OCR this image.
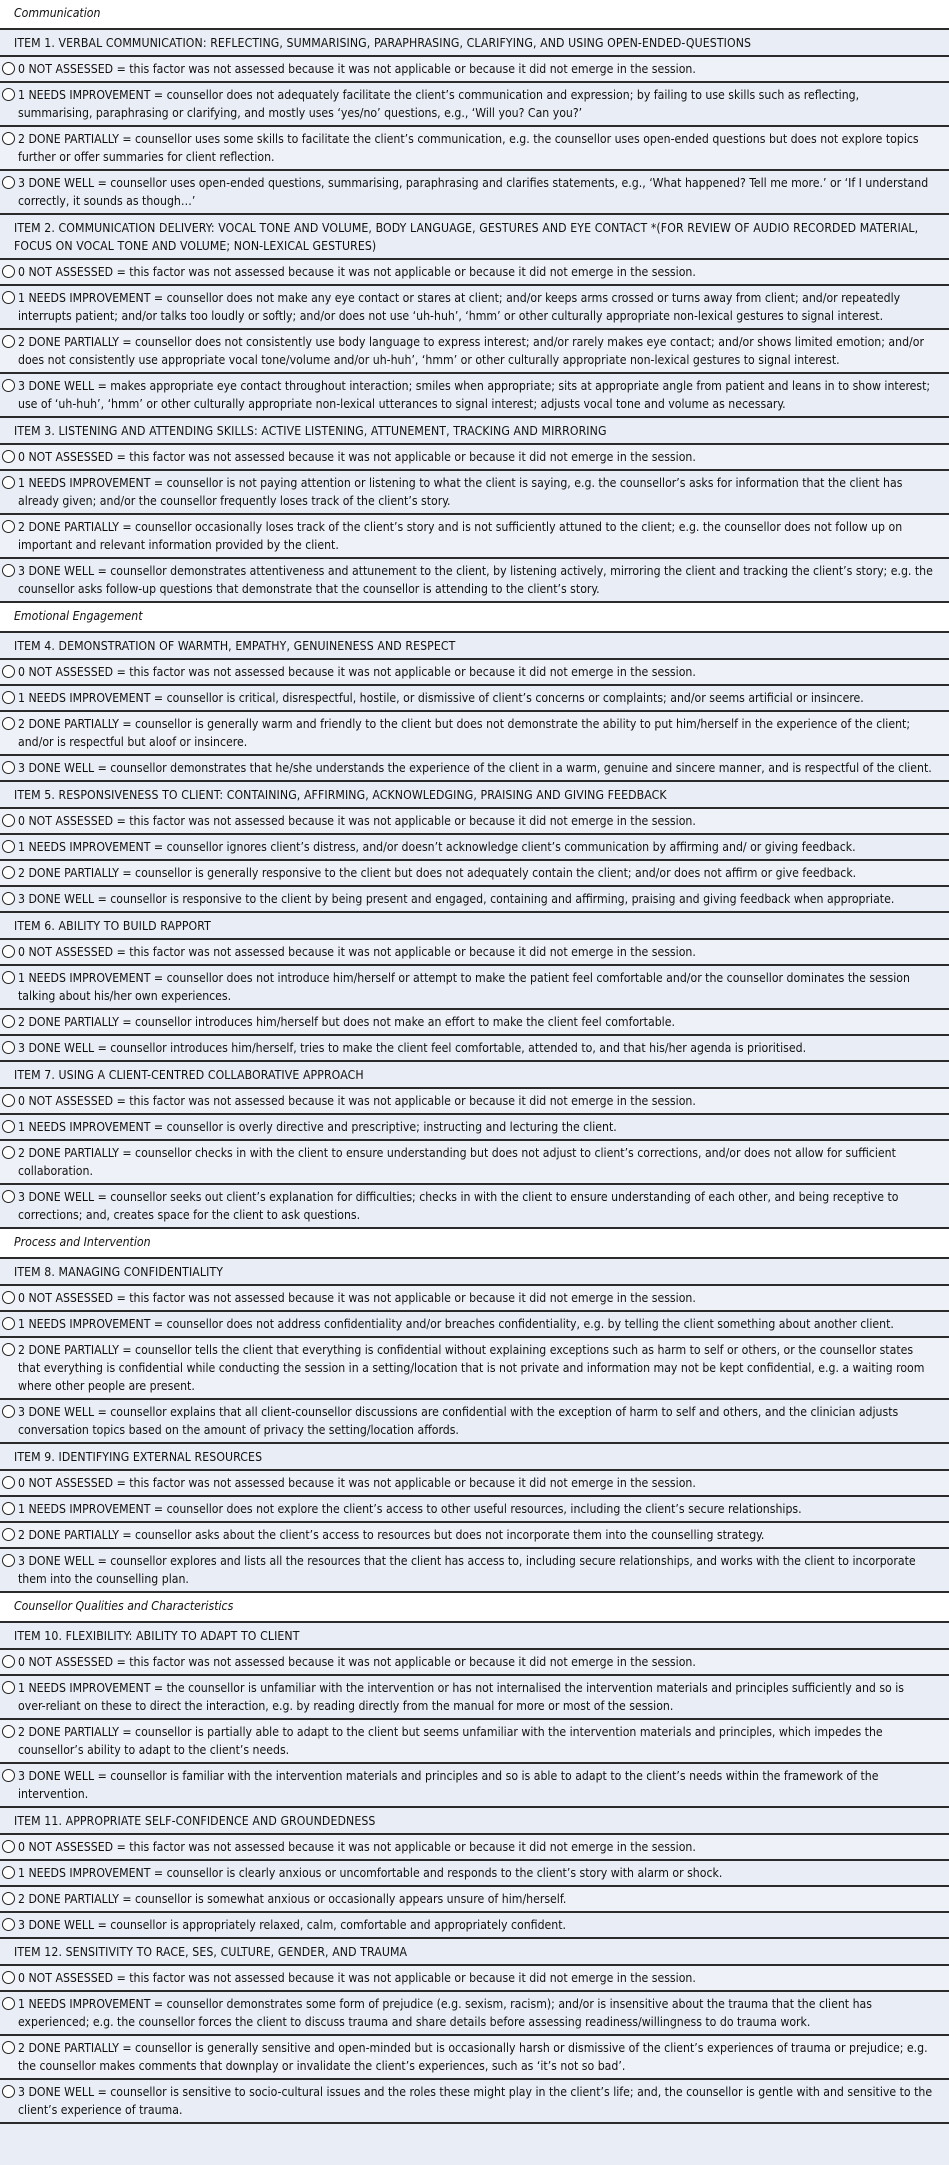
Communication
ITEM 1. VERBAL COMMUNICATION: REFLECTING, SUMMARISING, PARAPHRASING, CLARIFYING, AND USING OPEN-ENDED-QUESTIONS
0 NOT ASSESSED = this factor was not assessed because it was not applicable or because it did not emerge in the session.
1 NEEDS IMPROVEMENT = counsellor does not adequately facilitate the client’s communication and expression; by failing to use skills such as reflecting, summarising, paraphrasing or clarifying, and mostly uses ‘yes/no’ questions, e.g., ‘Will you? Can you?’
2 DONE PARTIALLY = counsellor uses some skills to facilitate the client’s communication, e.g. the counsellor uses open-ended questions but does not explore topics further or offer summaries for client reflection.
3 DONE WELL = counsellor uses open-ended questions, summarising, paraphrasing and clarifies statements, e.g., ‘What happened? Tell me more.’ or ‘If I understand correctly, it sounds as though…’
ITEM 2. COMMUNICATION DELIVERY: VOCAL TONE AND VOLUME, BODY LANGUAGE, GESTURES AND EYE CONTACT *(FOR REVIEW OF AUDIO RECORDED MATERIAL, FOCUS ON VOCAL TONE AND VOLUME; NON-LEXICAL GESTURES)
0 NOT ASSESSED = this factor was not assessed because it was not applicable or because it did not emerge in the session.
1 NEEDS IMPROVEMENT = counsellor does not make any eye contact or stares at client; and/or keeps arms crossed or turns away from client; and/or repeatedly interrupts patient; and/or talks too loudly or softly; and/or does not use ‘uh-huh’, ‘hmm’ or other culturally appropriate non-lexical gestures to signal interest.
2 DONE PARTIALLY = counsellor does not consistently use body language to express interest; and/or rarely makes eye contact; and/or shows limited emotion; and/or does not consistently use appropriate vocal tone/volume and/or uh-huh’, ‘hmm’ or other culturally appropriate non-lexical gestures to signal interest.
3 DONE WELL = makes appropriate eye contact throughout interaction; smiles when appropriate; sits at appropriate angle from patient and leans in to show interest; use of ‘uh-huh’, ‘hmm’ or other culturally appropriate non-lexical utterances to signal interest; adjusts vocal tone and volume as necessary.
ITEM 3. LISTENING AND ATTENDING SKILLS: ACTIVE LISTENING, ATTUNEMENT, TRACKING AND MIRRORING
0 NOT ASSESSED = this factor was not assessed because it was not applicable or because it did not emerge in the session.
1 NEEDS IMPROVEMENT = counsellor is not paying attention or listening to what the client is saying, e.g. the counsellor’s asks for information that the client has already given; and/or the counsellor frequently loses track of the client’s story.
2 DONE PARTIALLY = counsellor occasionally loses track of the client’s story and is not sufficiently attuned to the client; e.g. the counsellor does not follow up on important and relevant information provided by the client.
3 DONE WELL = counsellor demonstrates attentiveness and attunement to the client, by listening actively, mirroring the client and tracking the client’s story; e.g. the counsellor asks follow-up questions that demonstrate that the counsellor is attending to the client’s story.
Emotional Engagement
ITEM 4. DEMONSTRATION OF WARMTH, EMPATHY, GENUINENESS AND RESPECT
0 NOT ASSESSED = this factor was not assessed because it was not applicable or because it did not emerge in the session.
1 NEEDS IMPROVEMENT = counsellor is critical, disrespectful, hostile, or dismissive of client’s concerns or complaints; and/or seems artificial or insincere.
2 DONE PARTIALLY = counsellor is generally warm and friendly to the client but does not demonstrate the ability to put him/herself in the experience of the client; and/or is respectful but aloof or insincere.
3 DONE WELL = counsellor demonstrates that he/she understands the experience of the client in a warm, genuine and sincere manner, and is respectful of the client.
ITEM 5. RESPONSIVENESS TO CLIENT: CONTAINING, AFFIRMING, ACKNOWLEDGING, PRAISING AND GIVING FEEDBACK
0 NOT ASSESSED = this factor was not assessed because it was not applicable or because it did not emerge in the session.
1 NEEDS IMPROVEMENT = counsellor ignores client’s distress, and/or doesn’t acknowledge client’s communication by affirming and/ or giving feedback.
2 DONE PARTIALLY = counsellor is generally responsive to the client but does not adequately contain the client; and/or does not affirm or give feedback.
3 DONE WELL = counsellor is responsive to the client by being present and engaged, containing and affirming, praising and giving feedback when appropriate.
ITEM 6. ABILITY TO BUILD RAPPORT
0 NOT ASSESSED = this factor was not assessed because it was not applicable or because it did not emerge in the session.
1 NEEDS IMPROVEMENT = counsellor does not introduce him/herself or attempt to make the patient feel comfortable and/or the counsellor dominates the session talking about his/her own experiences.
2 DONE PARTIALLY = counsellor introduces him/herself but does not make an effort to make the client feel comfortable.
3 DONE WELL = counsellor introduces him/herself, tries to make the client feel comfortable, attended to, and that his/her agenda is prioritised.
ITEM 7. USING A CLIENT-CENTRED COLLABORATIVE APPROACH
0 NOT ASSESSED = this factor was not assessed because it was not applicable or because it did not emerge in the session.
1 NEEDS IMPROVEMENT = counsellor is overly directive and prescriptive; instructing and lecturing the client.
2 DONE PARTIALLY = counsellor checks in with the client to ensure understanding but does not adjust to client’s corrections, and/or does not allow for sufficient collaboration.
3 DONE WELL = counsellor seeks out client’s explanation for difficulties; checks in with the client to ensure understanding of each other, and being receptive to corrections; and, creates space for the client to ask questions.
Process and Intervention
ITEM 8. MANAGING CONFIDENTIALITY
0 NOT ASSESSED = this factor was not assessed because it was not applicable or because it did not emerge in the session.
1 NEEDS IMPROVEMENT = counsellor does not address confidentiality and/or breaches confidentiality, e.g. by telling the client something about another client.
2 DONE PARTIALLY = counsellor tells the client that everything is confidential without explaining exceptions such as harm to self or others, or the counsellor states that everything is confidential while conducting the session in a setting/location that is not private and information may not be kept confidential, e.g. a waiting room where other people are present.
3 DONE WELL = counsellor explains that all client-counsellor discussions are confidential with the exception of harm to self and others, and the clinician adjusts conversation topics based on the amount of privacy the setting/location affords.
ITEM 9. IDENTIFYING EXTERNAL RESOURCES
0 NOT ASSESSED = this factor was not assessed because it was not applicable or because it did not emerge in the session.
1 NEEDS IMPROVEMENT = counsellor does not explore the client’s access to other useful resources, including the client’s secure relationships.
2 DONE PARTIALLY = counsellor asks about the client’s access to resources but does not incorporate them into the counselling strategy.
3 DONE WELL = counsellor explores and lists all the resources that the client has access to, including secure relationships, and works with the client to incorporate them into the counselling plan.
Counsellor Qualities and Characteristics
ITEM 10. FLEXIBILITY: ABILITY TO ADAPT TO CLIENT
0 NOT ASSESSED = this factor was not assessed because it was not applicable or because it did not emerge in the session.
1 NEEDS IMPROVEMENT = the counsellor is unfamiliar with the intervention or has not internalised the intervention materials and principles sufficiently and so is over-reliant on these to direct the interaction, e.g. by reading directly from the manual for more or most of the session.
2 DONE PARTIALLY = counsellor is partially able to adapt to the client but seems unfamiliar with the intervention materials and principles, which impedes the counsellor’s ability to adapt to the client’s needs.
3 DONE WELL = counsellor is familiar with the intervention materials and principles and so is able to adapt to the client’s needs within the framework of the intervention.
ITEM 11. APPROPRIATE SELF-CONFIDENCE AND GROUNDEDNESS
0 NOT ASSESSED = this factor was not assessed because it was not applicable or because it did not emerge in the session.
1 NEEDS IMPROVEMENT = counsellor is clearly anxious or uncomfortable and responds to the client’s story with alarm or shock.
2 DONE PARTIALLY = counsellor is somewhat anxious or occasionally appears unsure of him/herself.
3 DONE WELL = counsellor is appropriately relaxed, calm, comfortable and appropriately confident.
ITEM 12. SENSITIVITY TO RACE, SES, CULTURE, GENDER, AND TRAUMA
0 NOT ASSESSED = this factor was not assessed because it was not applicable or because it did not emerge in the session.
1 NEEDS IMPROVEMENT = counsellor demonstrates some form of prejudice (e.g. sexism, racism); and/or is insensitive about the trauma that the client has experienced; e.g. the counsellor forces the client to discuss trauma and share details before assessing readiness/willingness to do trauma work.
2 DONE PARTIALLY = counsellor is generally sensitive and open-minded but is occasionally harsh or dismissive of the client’s experiences of trauma or prejudice; e.g. the counsellor makes comments that downplay or invalidate the client’s experiences, such as ‘it’s not so bad’.
3 DONE WELL = counsellor is sensitive to socio-cultural issues and the roles these might play in the client’s life; and, the counsellor is gentle with and sensitive to the client’s experience of trauma.
